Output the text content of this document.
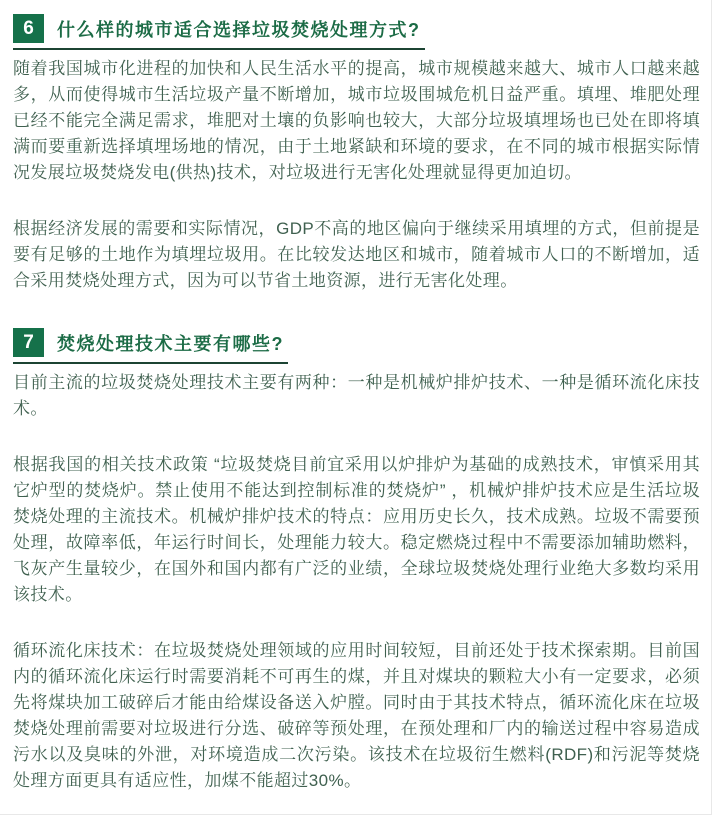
6	什么样的城市适合选择垃圾焚烧处理方式?

随着我国城市化进程的加快和人民生活水平的提高，城市规模越来越大、城市人口越来越多，从而使得城市生活垃圾产量不断增加，城市垃圾围城危机日益严重。填埋、堆肥处理已经不能完全满足需求，堆肥对土壤的负影响也较大，大部分垃圾填埋场也已处在即将填满而要重新选择填埋场地的情况，由于土地紧缺和环境的要求，在不同的城市根据实际情况发展垃圾焚烧发电(供热)技术，对垃圾进行无害化处理就显得更加迫切。

根据经济发展的需要和实际情况，GDP不高的地区偏向于继续采用填埋的方式，但前提是要有足够的土地作为填埋垃圾用。在比较发达地区和城市，随着城市人口的不断增加，适合采用焚烧处理方式，因为可以节省土地资源，进行无害化处理。

7	焚烧处理技术主要有哪些?

目前主流的垃圾焚烧处理技术主要有两种：一种是机械炉排炉技术、一种是循环流化床技术。

根据我国的相关技术政策 “垃圾焚烧目前宜采用以炉排炉为基础的成熟技术，审慎采用其它炉型的焚烧炉。禁止使用不能达到控制标准的焚烧炉” ，机械炉排炉技术应是生活垃圾焚烧处理的主流技术。机械炉排炉技术的特点：应用历史长久，技术成熟。垃圾不需要预处理，故障率低，年运行时间长，处理能力较大。稳定燃烧过程中不需要添加辅助燃料，飞灰产生量较少，在国外和国内都有广泛的业绩，全球垃圾焚烧处理行业绝大多数均采用该技术。

循环流化床技术：在垃圾焚烧处理领域的应用时间较短，目前还处于技术探索期。目前国内的循环流化床运行时需要消耗不可再生的煤，并且对煤块的颗粒大小有一定要求，必须先将煤块加工破碎后才能由给煤设备送入炉膛。同时由于其技术特点，循环流化床在垃圾焚烧处理前需要对垃圾进行分选、破碎等预处理，在预处理和厂内的输送过程中容易造成污水以及臭味的外泄，对环境造成二次污染。该技术在垃圾衍生燃料(RDF)和污泥等焚烧处理方面更具有适应性，加煤不能超过30%。
